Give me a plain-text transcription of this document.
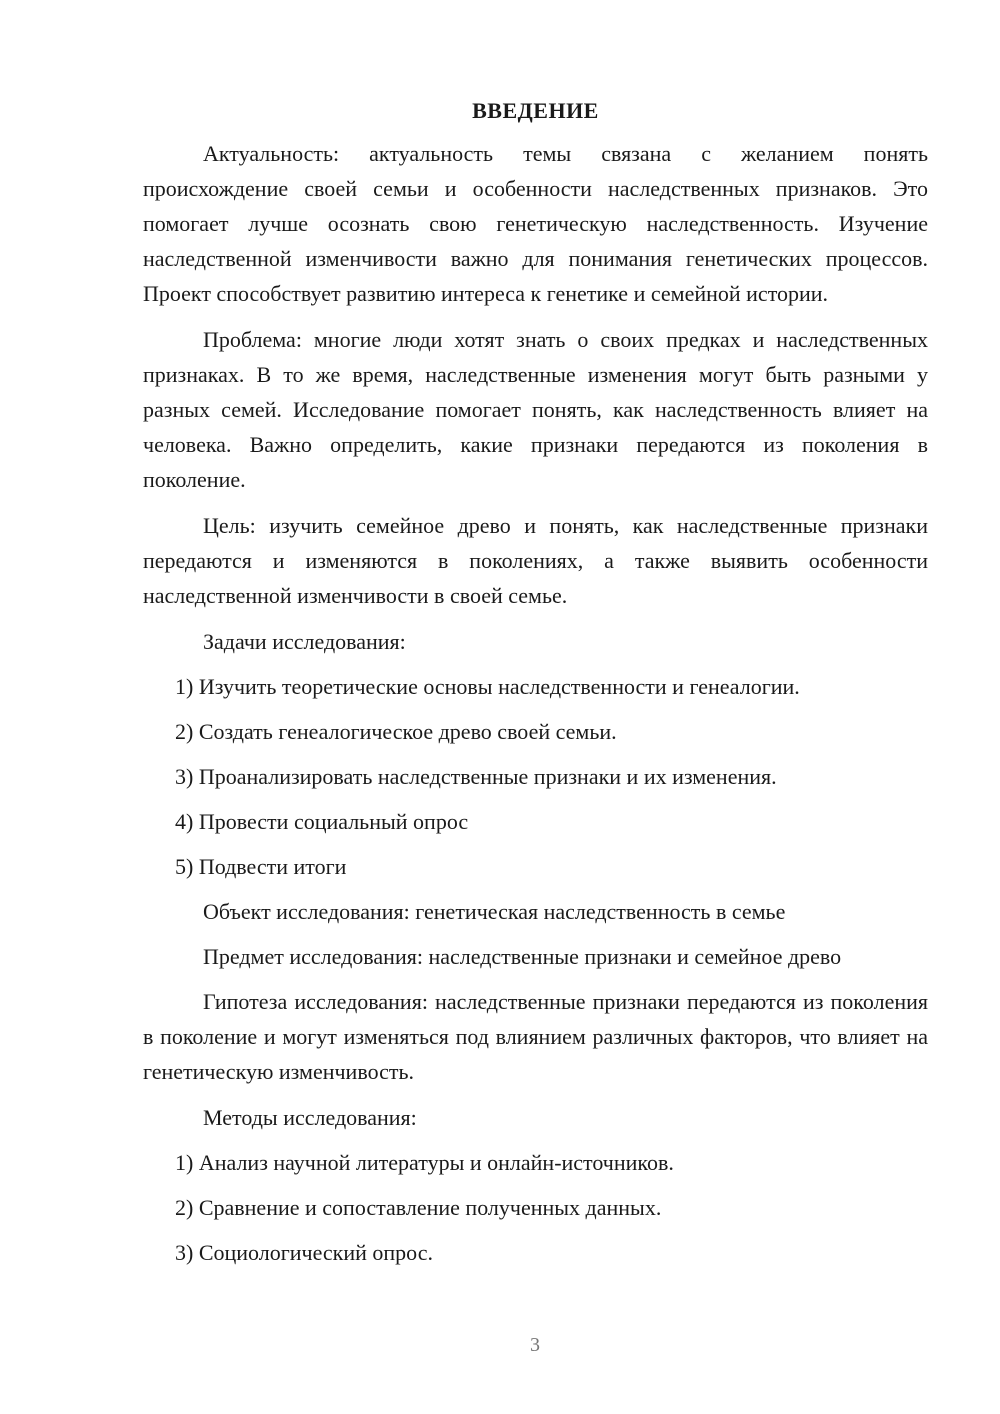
ВВЕДЕНИЕ

Актуальность: актуальность темы связана с желанием понять происхождение своей семьи и особенности наследственных признаков. Это помогает лучше осознать свою генетическую наследственность. Изучение наследственной изменчивости важно для понимания генетических процессов. Проект способствует развитию интереса к генетике и семейной истории.

Проблема: многие люди хотят знать о своих предках и наследственных признаках. В то же время, наследственные изменения могут быть разными у разных семей. Исследование помогает понять, как наследственность влияет на человека. Важно определить, какие признаки передаются из поколения в поколение.

Цель: изучить семейное древо и понять, как наследственные признаки передаются и изменяются в поколениях, а также выявить особенности наследственной изменчивости в своей семье.

Задачи исследования:
1) Изучить теоретические основы наследственности и генеалогии.
2) Создать генеалогическое древо своей семьи.
3) Проанализировать наследственные признаки и их изменения.
4) Провести социальный опрос
5) Подвести итоги
Объект исследования: генетическая наследственность в семье
Предмет исследования: наследственные признаки и семейное древо

Гипотеза исследования: наследственные признаки передаются из поколения в поколение и могут изменяться под влиянием различных факторов, что влияет на генетическую изменчивость.

Методы исследования:
1) Анализ научной литературы и онлайн-источников.
2) Сравнение и сопоставление полученных данных.
3) Социологический опрос.
3
